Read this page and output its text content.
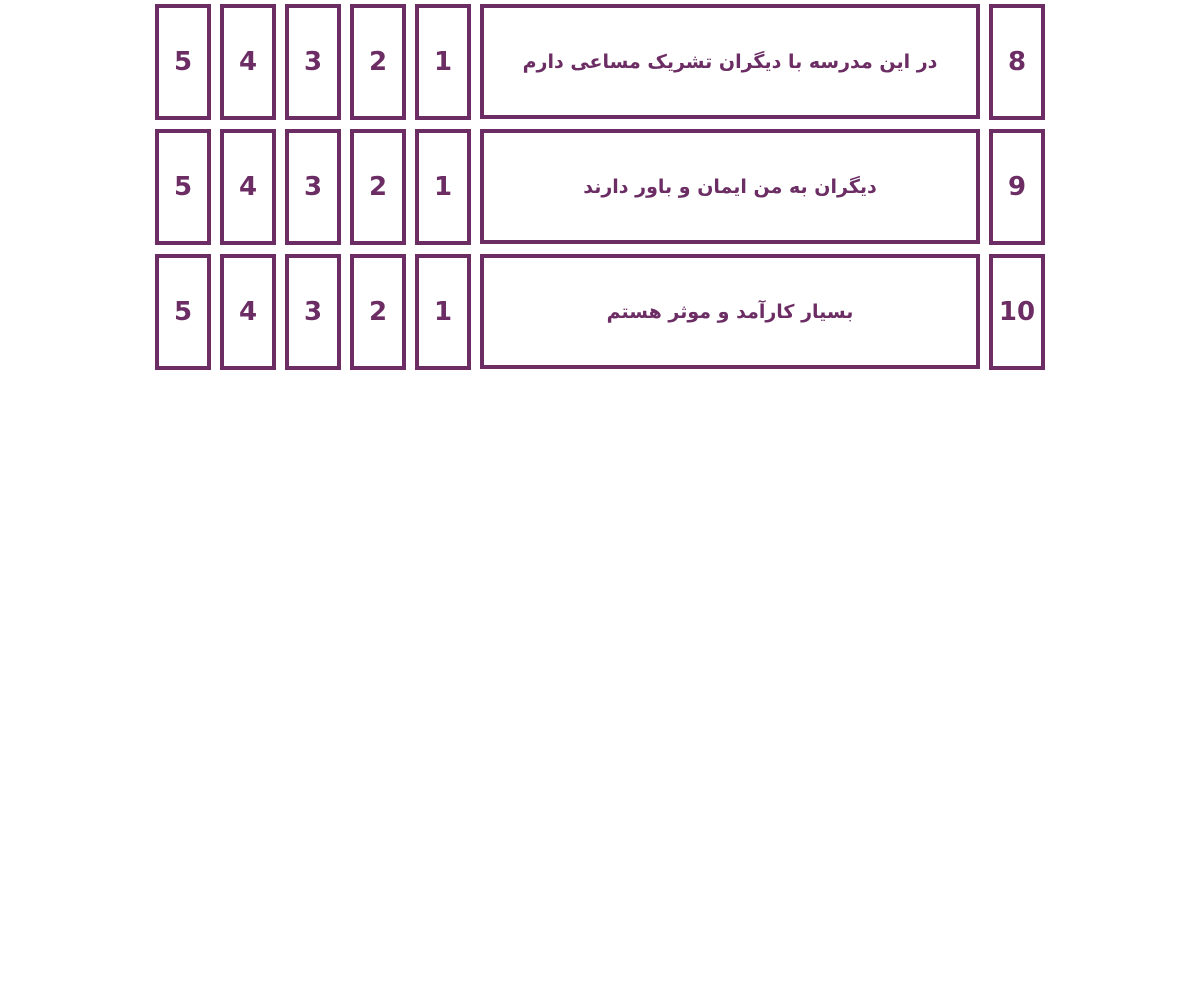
8
در این مدرسه با دیگران تشریک مساعی دارم
1
2
3
4
5
9
دیگران به من ایمان و باور دارند
1
2
3
4
5
10
بسیار کارآمد و موثر هستم
1
2
3
4
5
